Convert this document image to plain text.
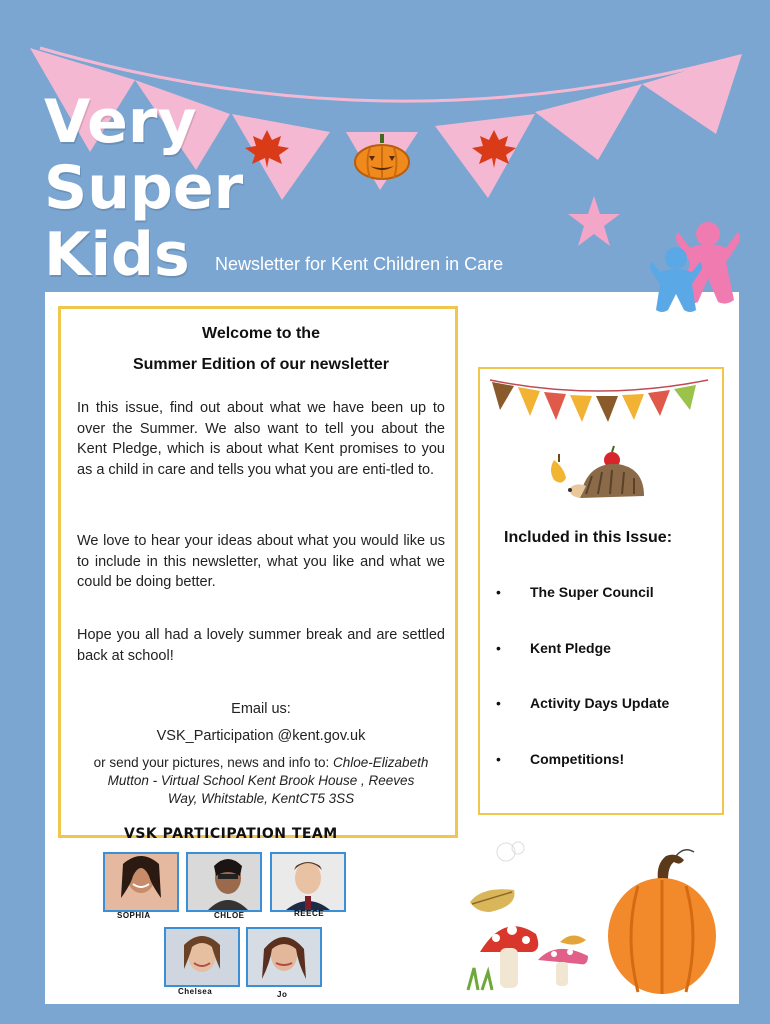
Very
Super
Kids Newsletter for Kent Children in Care
Welcome to the
Summer Edition of our newsletter
In this issue, find out about what we have been up to over the Summer. We also want to tell you about the Kent Pledge, which is about what Kent promises to you as a child in care and tells you what you are enti-tled to.
We love to hear your ideas about what you would like us to include in this newsletter, what you like and what we could be doing better.
Hope you all had a lovely summer break and are settled back at school!
Email us:
VSK_Participation @kent.gov.uk
or send your pictures, news and info to: Chloe-Elizabeth
Mutton - Virtual School Kent Brook House , Reeves
Way, Whitstable, KentCT5 3SS
Included in this Issue:
• The Super Council
• Kent Pledge
• Activity Days Update
• Competitions!
VSK PARTICIPATION TEAM
SOPHIA	CHLOE	REECE
Chelsea	Jo
